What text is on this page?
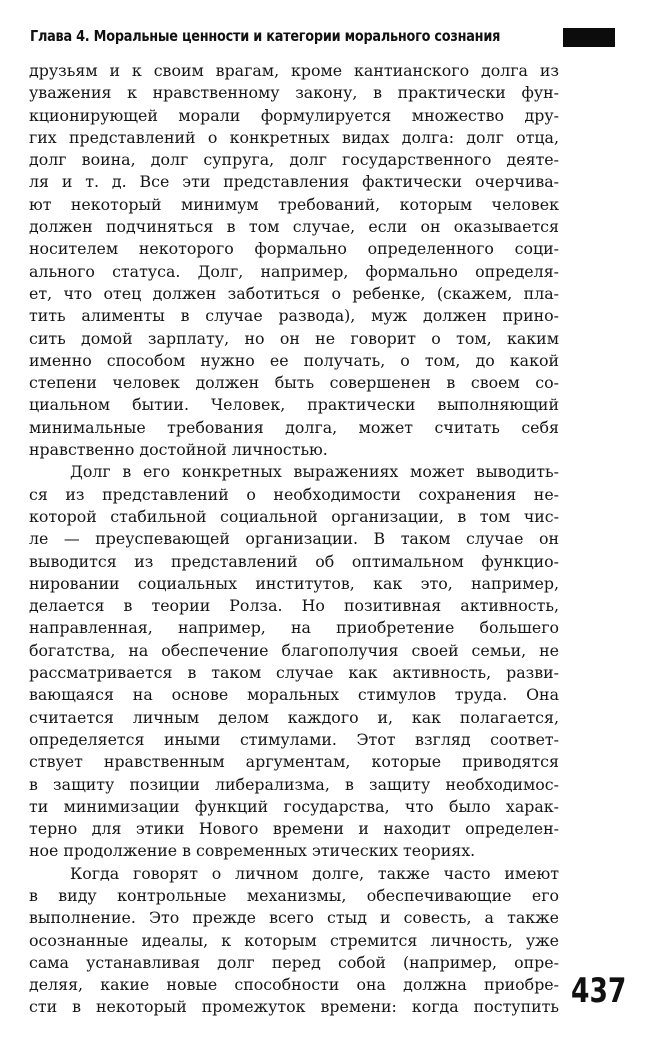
Глава 4. Моральные ценности и категории морального сознания
друзьям и к своим врагам, кроме кантианского долга из
уважения к нравственному закону, в практически фун-
кционирующей морали формулируется множество дру-
гих представлений о конкретных видах долга: долг отца,
долг воина, долг супруга, долг государственного деяте-
ля и т. д. Все эти представления фактически очерчива-
ют некоторый минимум требований, которым человек
должен подчиняться в том случае, если он оказывается
носителем некоторого формально определенного соци-
ального статуса. Долг, например, формально определя-
ет, что отец должен заботиться о ребенке, (скажем, пла-
тить алименты в случае развода), муж должен прино-
сить домой зарплату, но он не говорит о том, каким
именно способом нужно ее получать, о том, до какой
степени человек должен быть совершенен в своем со-
циальном бытии. Человек, практически выполняющий
минимальные требования долга, может считать себя
нравственно достойной личностью.
Долг в его конкретных выражениях может выводить-
ся из представлений о необходимости сохранения не-
которой стабильной социальной организации, в том чис-
ле — преуспевающей организации. В таком случае он
выводится из представлений об оптимальном функцио-
нировании социальных институтов, как это, например,
делается в теории Ролза. Но позитивная активность,
направленная, например, на приобретение большего
богатства, на обеспечение благополучия своей семьи, не
рассматривается в таком случае как активность, разви-
вающаяся на основе моральных стимулов труда. Она
считается личным делом каждого и, как полагается,
определяется иными стимулами. Этот взгляд соответ-
ствует нравственным аргументам, которые приводятся
в защиту позиции либерализма, в защиту необходимос-
ти минимизации функций государства, что было харак-
терно для этики Нового времени и находит определен-
ное продолжение в современных этических теориях.
Когда говорят о личном долге, также часто имеют
в виду контрольные механизмы, обеспечивающие его
выполнение. Это прежде всего стыд и совесть, а также
осознанные идеалы, к которым стремится личность, уже
сама устанавливая долг перед собой (например, опре-
деляя, какие новые способности она должна приобре-
сти в некоторый промежуток времени: когда поступить 437
